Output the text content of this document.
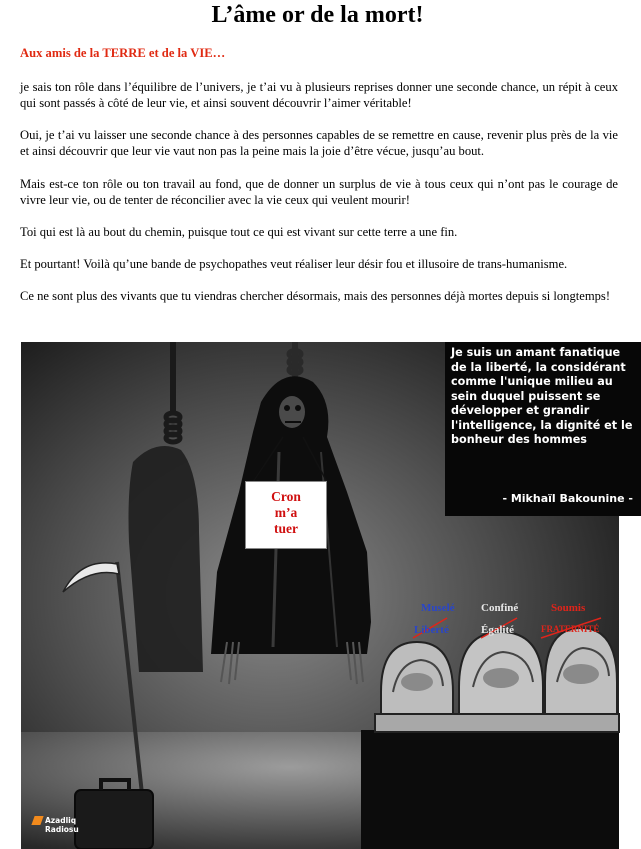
L’âme or de la mort!
Aux amis de la TERRE et de la VIE…
je sais ton rôle dans l’équilibre de l’univers, je t’ai vu à plusieurs reprises donner une seconde chance, un répit à ceux qui sont passés à côté de leur vie, et ainsi souvent découvrir l’aimer véritable!
Oui, je t’ai vu laisser une seconde chance à des personnes capables de se remettre en cause, revenir plus près de la vie et ainsi découvrir que leur vie vaut non pas la peine mais la joie d’être vécue, jusqu’au bout.
Mais est-ce ton rôle ou ton travail au fond, que de donner un surplus de vie à tous ceux qui n’ont pas le courage de vivre leur vie, ou de tenter de réconcilier avec la vie ceux qui veulent mourir!
Toi qui est là au bout du chemin, puisque tout ce qui est vivant sur cette terre a une fin.
Et pourtant! Voilà qu’une bande de psychopathes veut réaliser leur désir fou et illusoire de trans-humanisme.
Ce ne sont plus des vivants que tu viendras chercher désormais, mais des personnes déjà mortes depuis si longtemps!
Je suis un amant fanatique de la liberté, la considérant comme l'unique milieu au sein duquel puissent se développer et grandir l'intelligence, la dignité et le bonheur des hommes
- Mikhaïl Bakounine -
Cron
m’a
tuer
Muselé
Liberté
Confiné
Égalité
Soumis
FRATERNITÉ
Azadliq
Radiosu
